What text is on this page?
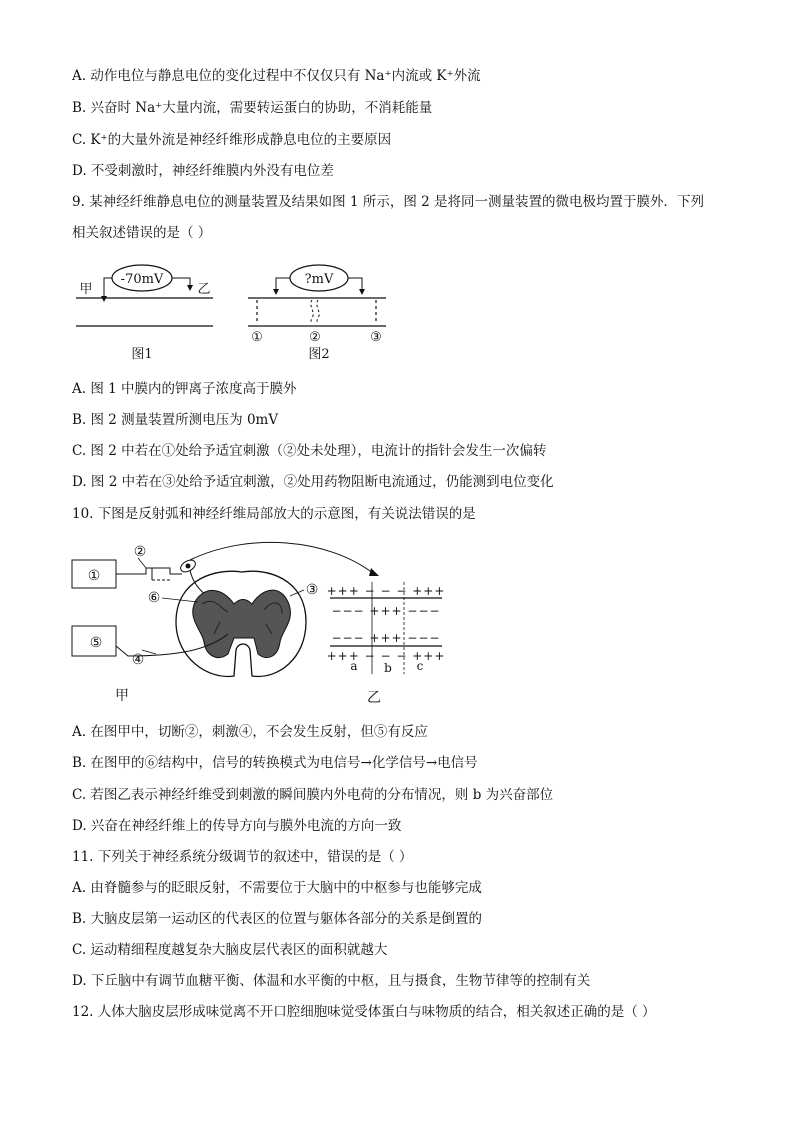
A. 动作电位与静息电位的变化过程中不仅仅只有 Na⁺内流或 K⁺外流
B. 兴奋时 Na⁺大量内流，需要转运蛋白的协助，不消耗能量
C. K⁺的大量外流是神经纤维形成静息电位的主要原因
D. 不受刺激时，神经纤维膜内外没有电位差
9. 某神经纤维静息电位的测量装置及结果如图 1 所示，图 2 是将同一测量装置的微电极均置于膜外．下列
相关叙述错误的是（ ）
-70mV
甲	乙
图1
?mV
①	②	③
图2
A. 图 1 中膜内的钾离子浓度高于膜外
B. 图 2 测量装置所测电压为 0mV
C. 图 2 中若在①处给予适宜刺激（②处未处理），电流计的指针会发生一次偏转
D. 图 2 中若在③处给予适宜刺激，②处用药物阻断电流通过，仍能测到电位变化
10. 下图是反射弧和神经纤维局部放大的示意图，有关说法错误的是
①
⑤
②
④
⑥	③
甲
+++ − − − +++
−−− +++ −−−
−−− +++ −−−
+++ − − − +++
a b c
乙
A. 在图甲中，切断②，刺激④，不会发生反射，但⑤有反应
B. 在图甲的⑥结构中，信号的转换模式为电信号→化学信号→电信号
C. 若图乙表示神经纤维受到刺激的瞬间膜内外电荷的分布情况，则 b 为兴奋部位
D. 兴奋在神经纤维上的传导方向与膜外电流的方向一致
11. 下列关于神经系统分级调节的叙述中，错误的是（ ）
A. 由脊髓参与的眨眼反射，不需要位于大脑中的中枢参与也能够完成
B. 大脑皮层第一运动区的代表区的位置与躯体各部分的关系是倒置的
C. 运动精细程度越复杂大脑皮层代表区的面积就越大
D. 下丘脑中有调节血糖平衡、体温和水平衡的中枢，且与摄食，生物节律等的控制有关
12. 人体大脑皮层形成味觉离不开口腔细胞味觉受体蛋白与味物质的结合，相关叙述正确的是（ ）
